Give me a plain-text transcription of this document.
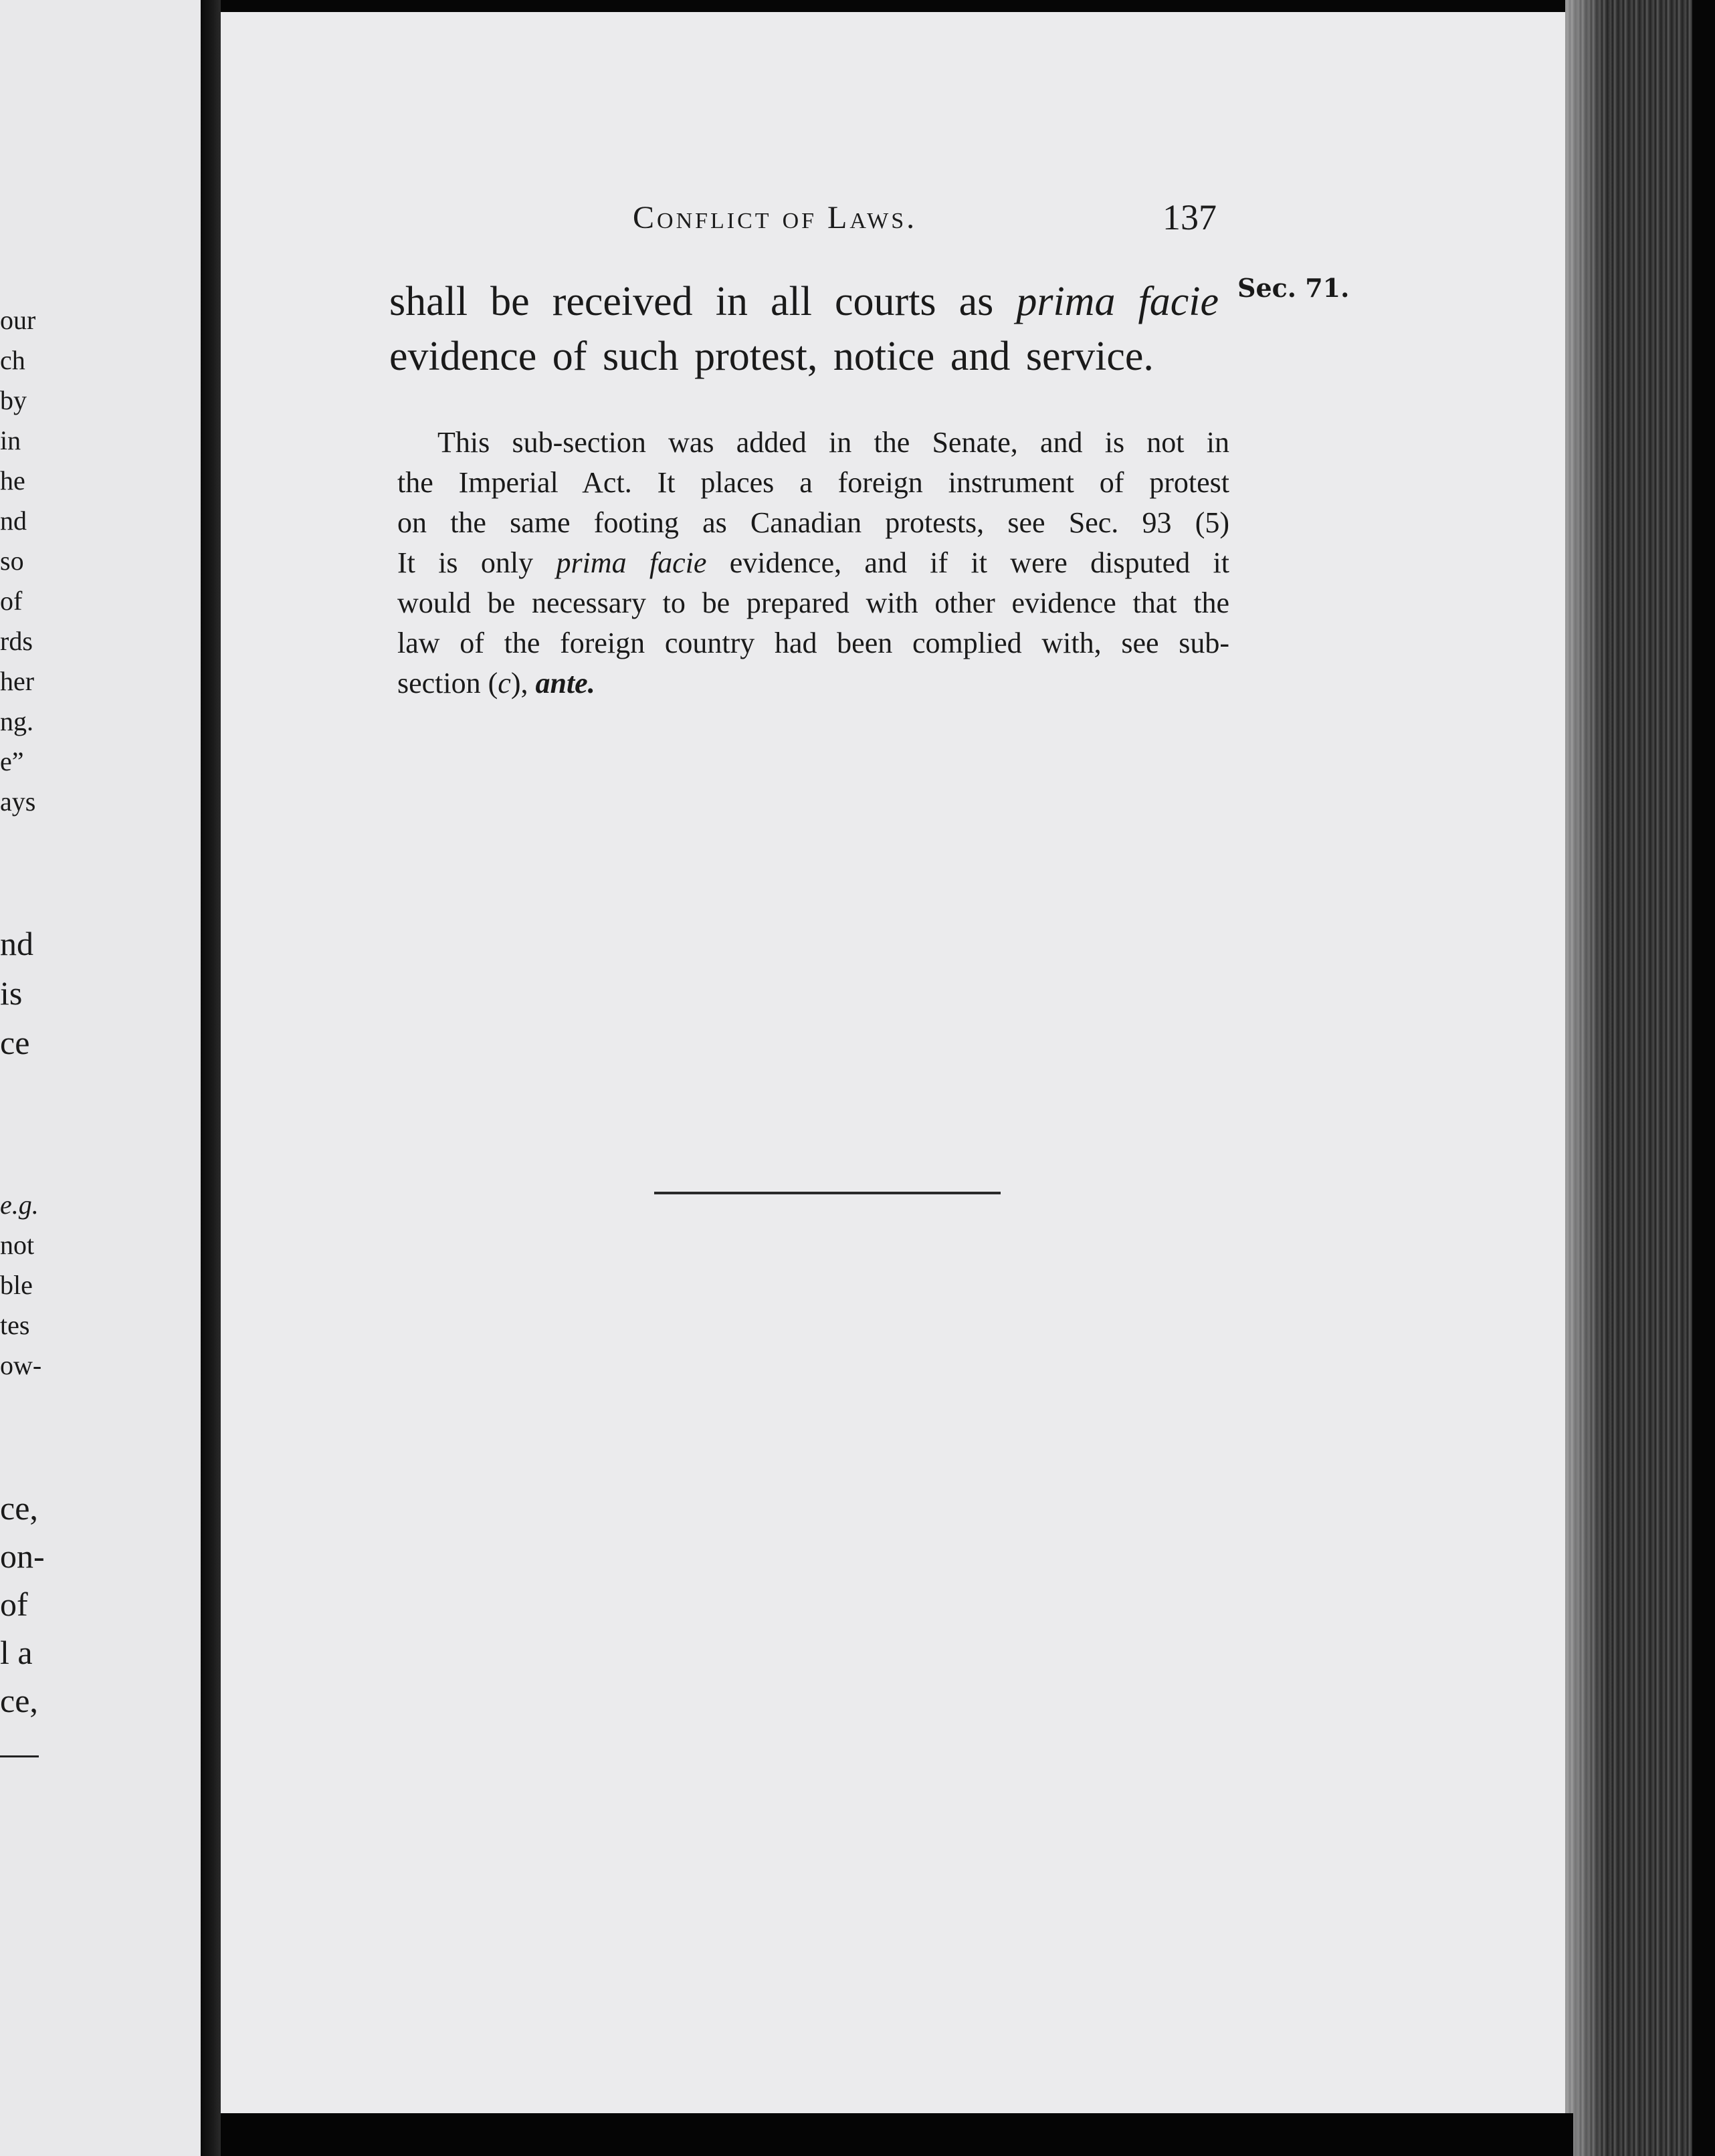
our
ch
by
in
he
nd
so
of
rds
her
ng.
e”
ays
nd
is
ce
e.g.
not
ble
tes
ow-
ce,
on-
of
l a
ce,
Conflict of Laws.	137
Sec. 71.
shall be received in all courts as prima facie
evidence of such protest, notice and service.
This sub-section was added in the Senate, and is not in
the Imperial Act. It places a foreign instrument of protest
on the same footing as Canadian protests, see Sec. 93 (5)
It is only prima facie evidence, and if it were disputed it
would be necessary to be prepared with other evidence that the
law of the foreign country had been complied with, see sub-
section (c), ante.
